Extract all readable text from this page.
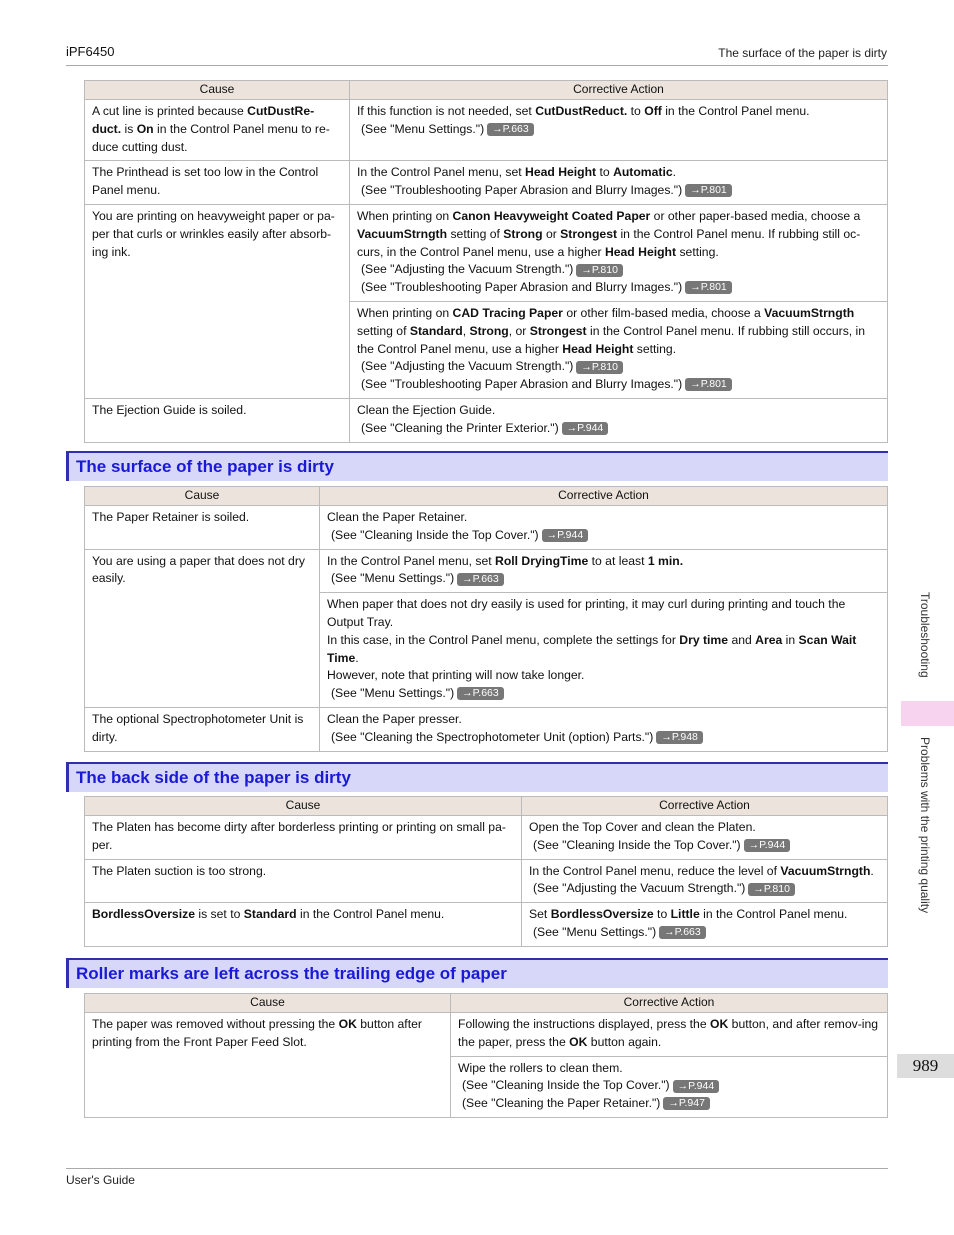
iPF6450	The surface of the paper is dirty
Cause	Corrective Action
A cut line is printed because CutDustRe-duct. is On in the Control Panel menu to re-duce cutting dust.	If this function is not needed, set CutDustReduct. to Off in the Control Panel menu.
(See "Menu Settings.") →P.663
The Printhead is set too low in the Control Panel menu.	In the Control Panel menu, set Head Height to Automatic.
(See "Troubleshooting Paper Abrasion and Blurry Images.") →P.801
You are printing on heavyweight paper or pa-per that curls or wrinkles easily after absorb-ing ink.	When printing on Canon Heavyweight Coated Paper or other paper-based media, choose a VacuumStrngth setting of Strong or Strongest in the Control Panel menu. If rubbing still oc-curs, in the Control Panel menu, use a higher Head Height setting.
(See "Adjusting the Vacuum Strength.") →P.810
(See "Troubleshooting Paper Abrasion and Blurry Images.") →P.801
	When printing on CAD Tracing Paper or other film-based media, choose a VacuumStrngth setting of Standard, Strong, or Strongest in the Control Panel menu. If rubbing still occurs, in the Control Panel menu, use a higher Head Height setting.
(See "Adjusting the Vacuum Strength.") →P.810
(See "Troubleshooting Paper Abrasion and Blurry Images.") →P.801
The Ejection Guide is soiled.	Clean the Ejection Guide.
(See "Cleaning the Printer Exterior.") →P.944
The surface of the paper is dirty
Cause	Corrective Action
The Paper Retainer is soiled.	Clean the Paper Retainer.
(See "Cleaning Inside the Top Cover.") →P.944
You are using a paper that does not dry easily.	In the Control Panel menu, set Roll DryingTime to at least 1 min.
(See "Menu Settings.") →P.663
	When paper that does not dry easily is used for printing, it may curl during printing and touch the Output Tray.
In this case, in the Control Panel menu, complete the settings for Dry time and Area in Scan Wait Time.
However, note that printing will now take longer.
(See "Menu Settings.") →P.663
The optional Spectrophotometer Unit is dirty.	Clean the Paper presser.
(See "Cleaning the Spectrophotometer Unit (option) Parts.") →P.948
The back side of the paper is dirty
Cause	Corrective Action
The Platen has become dirty after borderless printing or printing on small pa-per.	Open the Top Cover and clean the Platen.
(See "Cleaning Inside the Top Cover.") →P.944
The Platen suction is too strong.	In the Control Panel menu, reduce the level of VacuumStrngth.
(See "Adjusting the Vacuum Strength.") →P.810
BordlessOversize is set to Standard in the Control Panel menu.	Set BordlessOversize to Little in the Control Panel menu.
(See "Menu Settings.") →P.663
Roller marks are left across the trailing edge of paper
Cause	Corrective Action
The paper was removed without pressing the OK button after printing from the Front Paper Feed Slot.	Following the instructions displayed, press the OK button, and after remov-ing the paper, press the OK button again.
	Wipe the rollers to clean them.
(See "Cleaning Inside the Top Cover.") →P.944
(See "Cleaning the Paper Retainer.") →P.947
Troubleshooting
Problems with the printing quality
989
User's Guide
